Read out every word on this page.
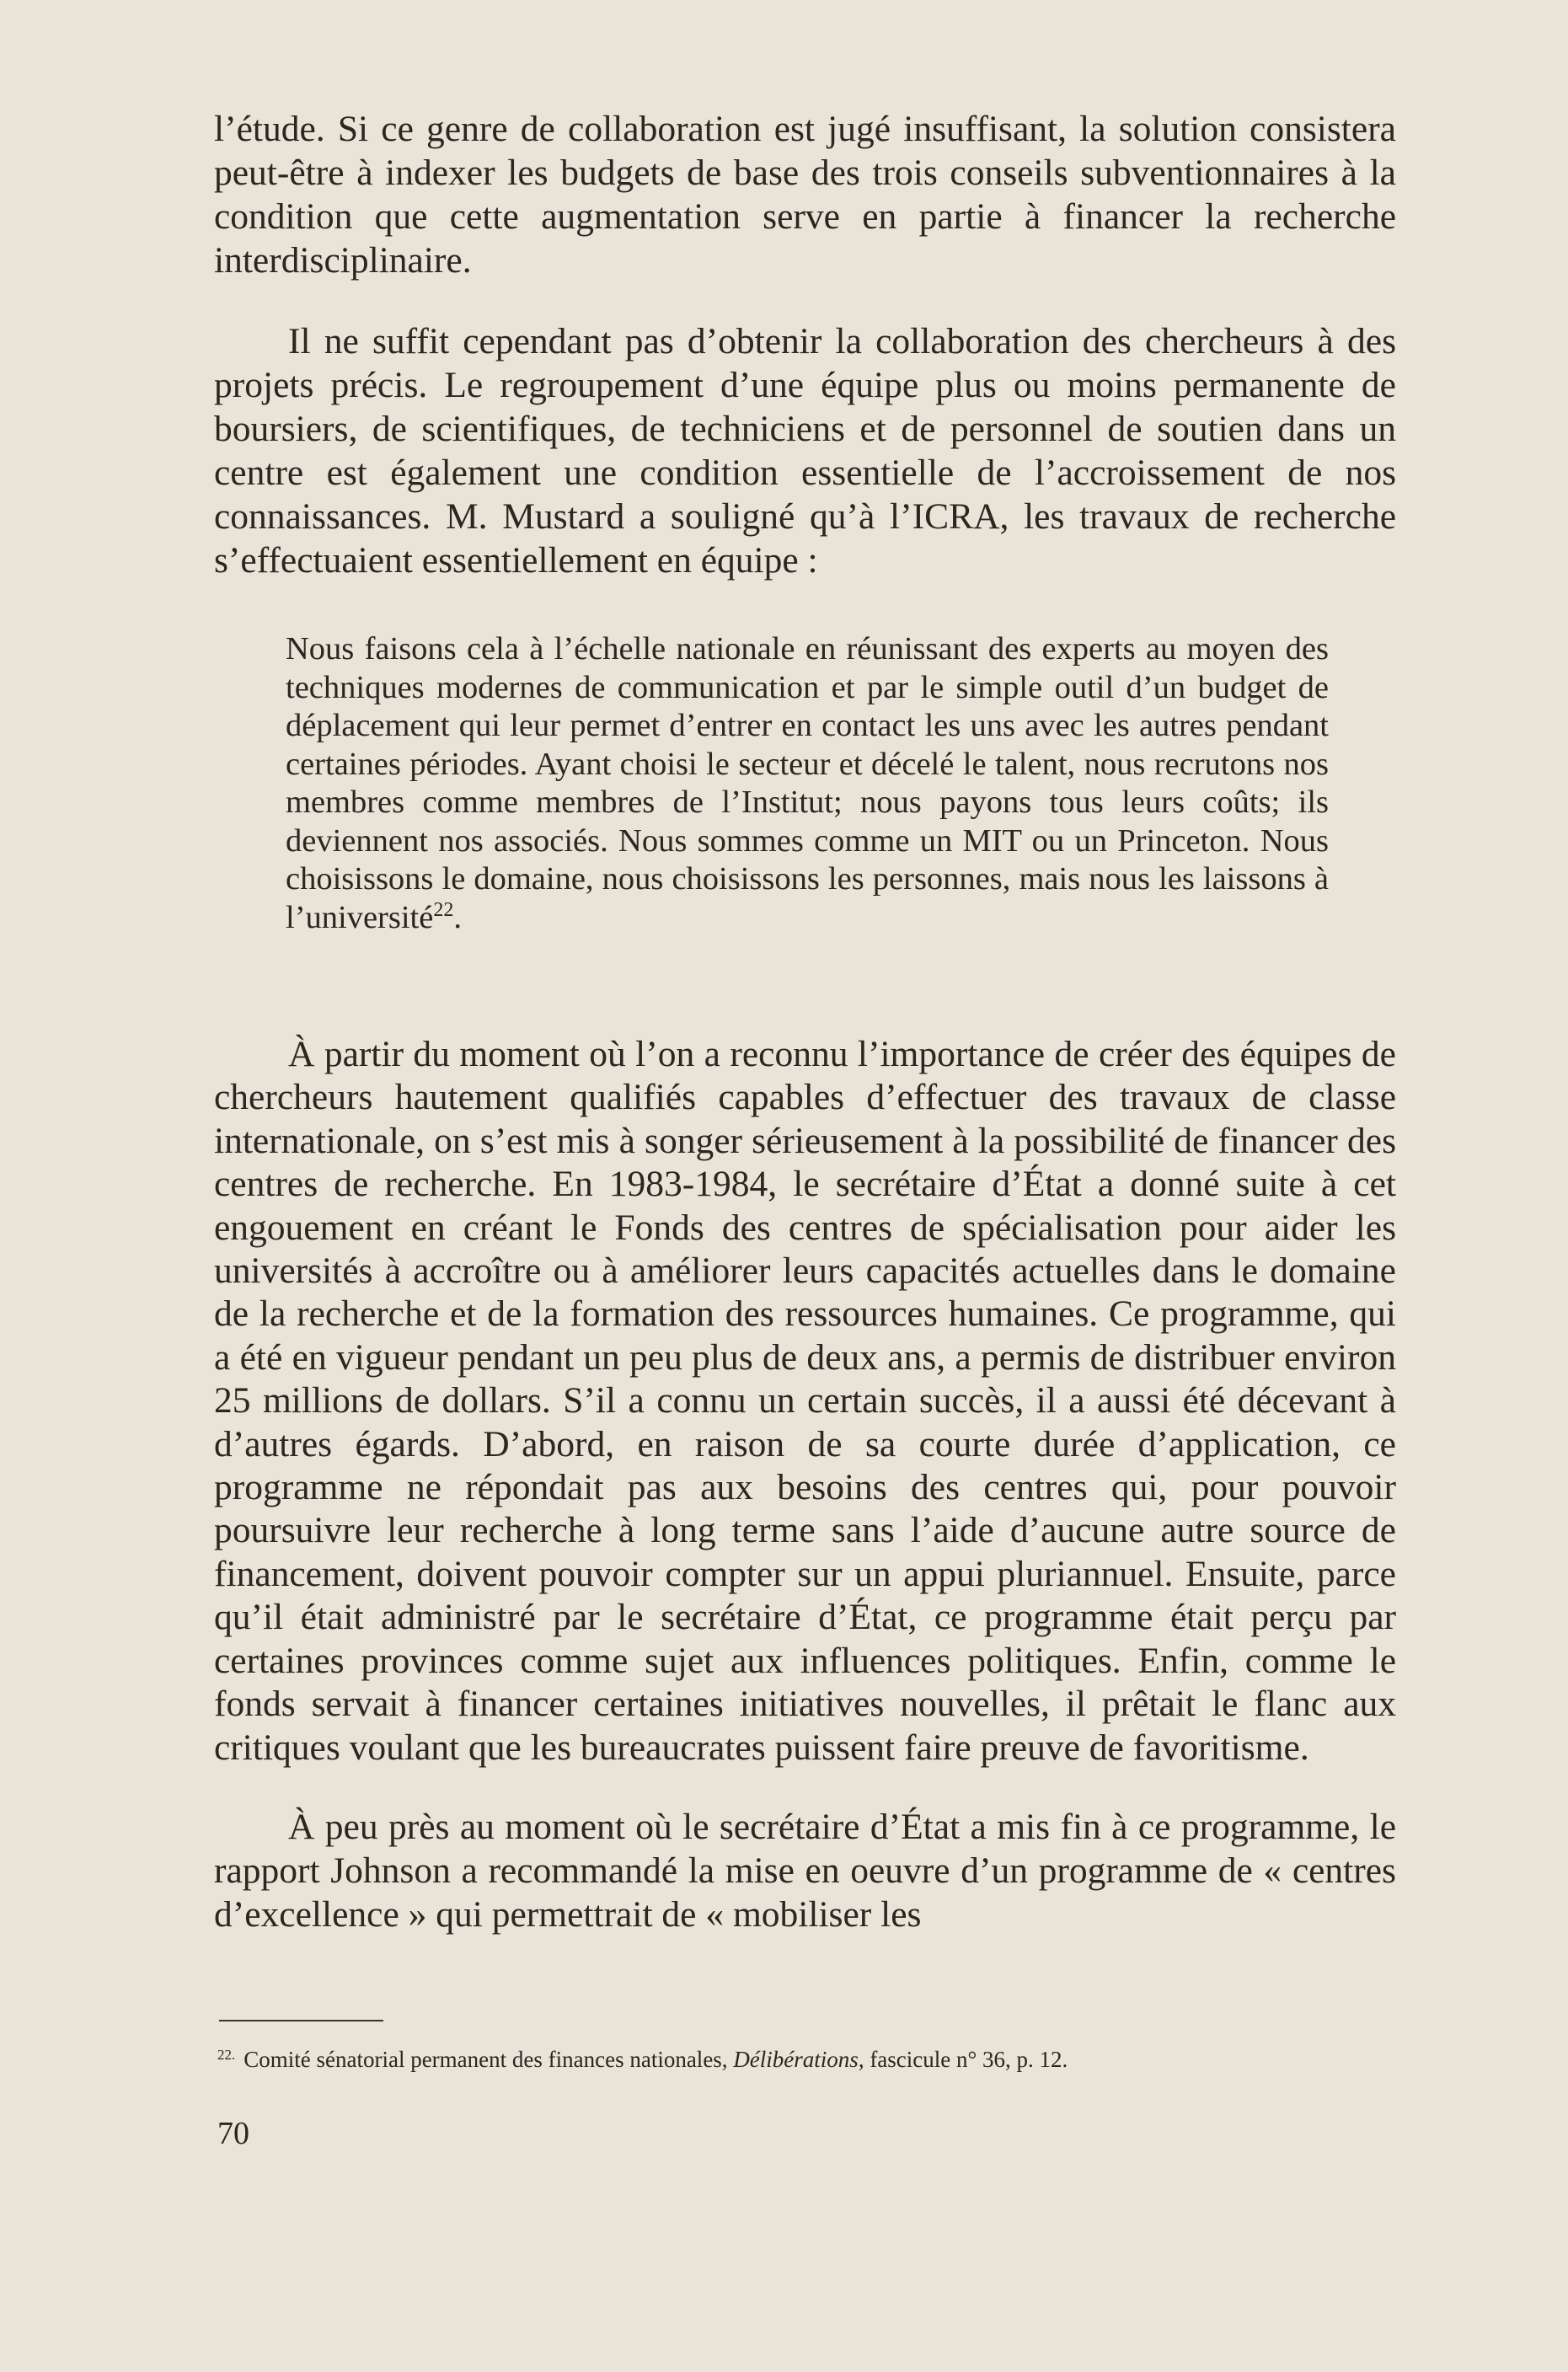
l’étude. Si ce genre de collaboration est jugé insuffisant, la solution consistera peut-être à indexer les budgets de base des trois conseils subventionnaires à la condition que cette augmentation serve en partie à financer la recherche interdisciplinaire.

Il ne suffit cependant pas d’obtenir la collaboration des chercheurs à des projets précis. Le regroupement d’une équipe plus ou moins permanente de boursiers, de scientifiques, de techniciens et de personnel de soutien dans un centre est également une condition essentielle de l’accroissement de nos connaissances. M. Mustard a souligné qu’à l’ICRA, les travaux de recherche s’effectuaient essentiellement en équipe :

Nous faisons cela à l’échelle nationale en réunissant des experts au moyen des techniques modernes de communication et par le simple outil d’un budget de déplacement qui leur permet d’entrer en contact les uns avec les autres pendant certaines périodes. Ayant choisi le secteur et décelé le talent, nous recrutons nos membres comme membres de l’Institut; nous payons tous leurs coûts; ils deviennent nos associés. Nous sommes comme un MIT ou un Princeton. Nous choisissons le domaine, nous choisissons les personnes, mais nous les laissons à l’université$^{22}$.

À partir du moment où l’on a reconnu l’importance de créer des équipes de chercheurs hautement qualifiés capables d’effectuer des travaux de classe internationale, on s’est mis à songer sérieusement à la possibilité de financer des centres de recherche. En 1983-1984, le secrétaire d’État a donné suite à cet engouement en créant le Fonds des centres de spécialisation pour aider les universités à accroître ou à améliorer leurs capacités actuelles dans le domaine de la recherche et de la formation des ressources humaines. Ce programme, qui a été en vigueur pendant un peu plus de deux ans, a permis de distribuer environ 25 millions de dollars. S’il a connu un certain succès, il a aussi été décevant à d’autres égards. D’abord, en raison de sa courte durée d’application, ce programme ne répondait pas aux besoins des centres qui, pour pouvoir poursuivre leur recherche à long terme sans l’aide d’aucune autre source de financement, doivent pouvoir compter sur un appui pluriannuel. Ensuite, parce qu’il était administré par le secrétaire d’État, ce programme était perçu par certaines provinces comme sujet aux influences politiques. Enfin, comme le fonds servait à financer certaines initiatives nouvelles, il prêtait le flanc aux critiques voulant que les bureaucrates puissent faire preuve de favoritisme.

À peu près au moment où le secrétaire d’État a mis fin à ce programme, le rapport Johnson a recommandé la mise en oeuvre d’un programme de « centres d’excellence » qui permettrait de « mobiliser les

$^{22.}$ Comité sénatorial permanent des finances nationales, Délibérations, fascicule n° 36, p. 12.
70
